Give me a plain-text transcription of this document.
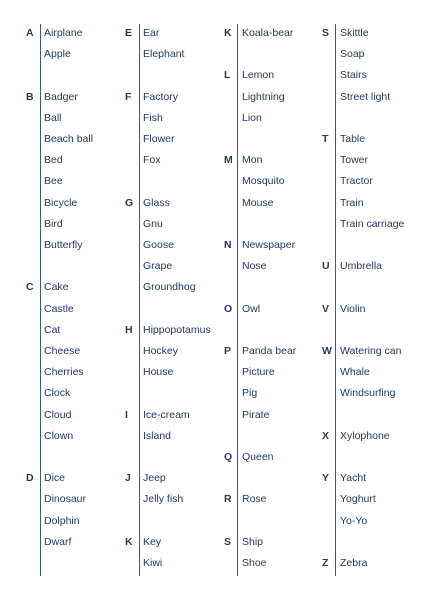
A Airplane
Apple
B Badger
Ball
Beach ball
Bed
Bee
Bicycle
Bird
Butterfly
C Cake
Castle
Cat
Cheese
Cherries
Clock
Cloud
Clown
D Dice
Dinosaur
Dolphin
Dwarf
E	Ear
Elephant
F	Factory
Fish
Flower
Fox
G Glass
Gnu
Goose
Grape
Groundhog
H Hippopotamus
Hockey
House
I	Ice-cream
Island
J	Jeep
Jelly fish
K Key
Kiwi
K Koala-bear
L	Lemon
Lightning
Lion
M Mon
Mosquito
Mouse
N Newspaper
Nose
O Owl
P	Panda bear
Picture
Pig
Pirate
Q Queen
R Rose
S	Ship
Shoe
S	Skittle
Soap
Stairs
Street light
T	Table
Tower
Tractor
Train
Train carriage
U Umbrella
V	Violin
W Watering can
Whale
Windsurfing
X	Xylophone
Y	Yacht
Yoghurt
Yo-Yo
Z	Zebra
